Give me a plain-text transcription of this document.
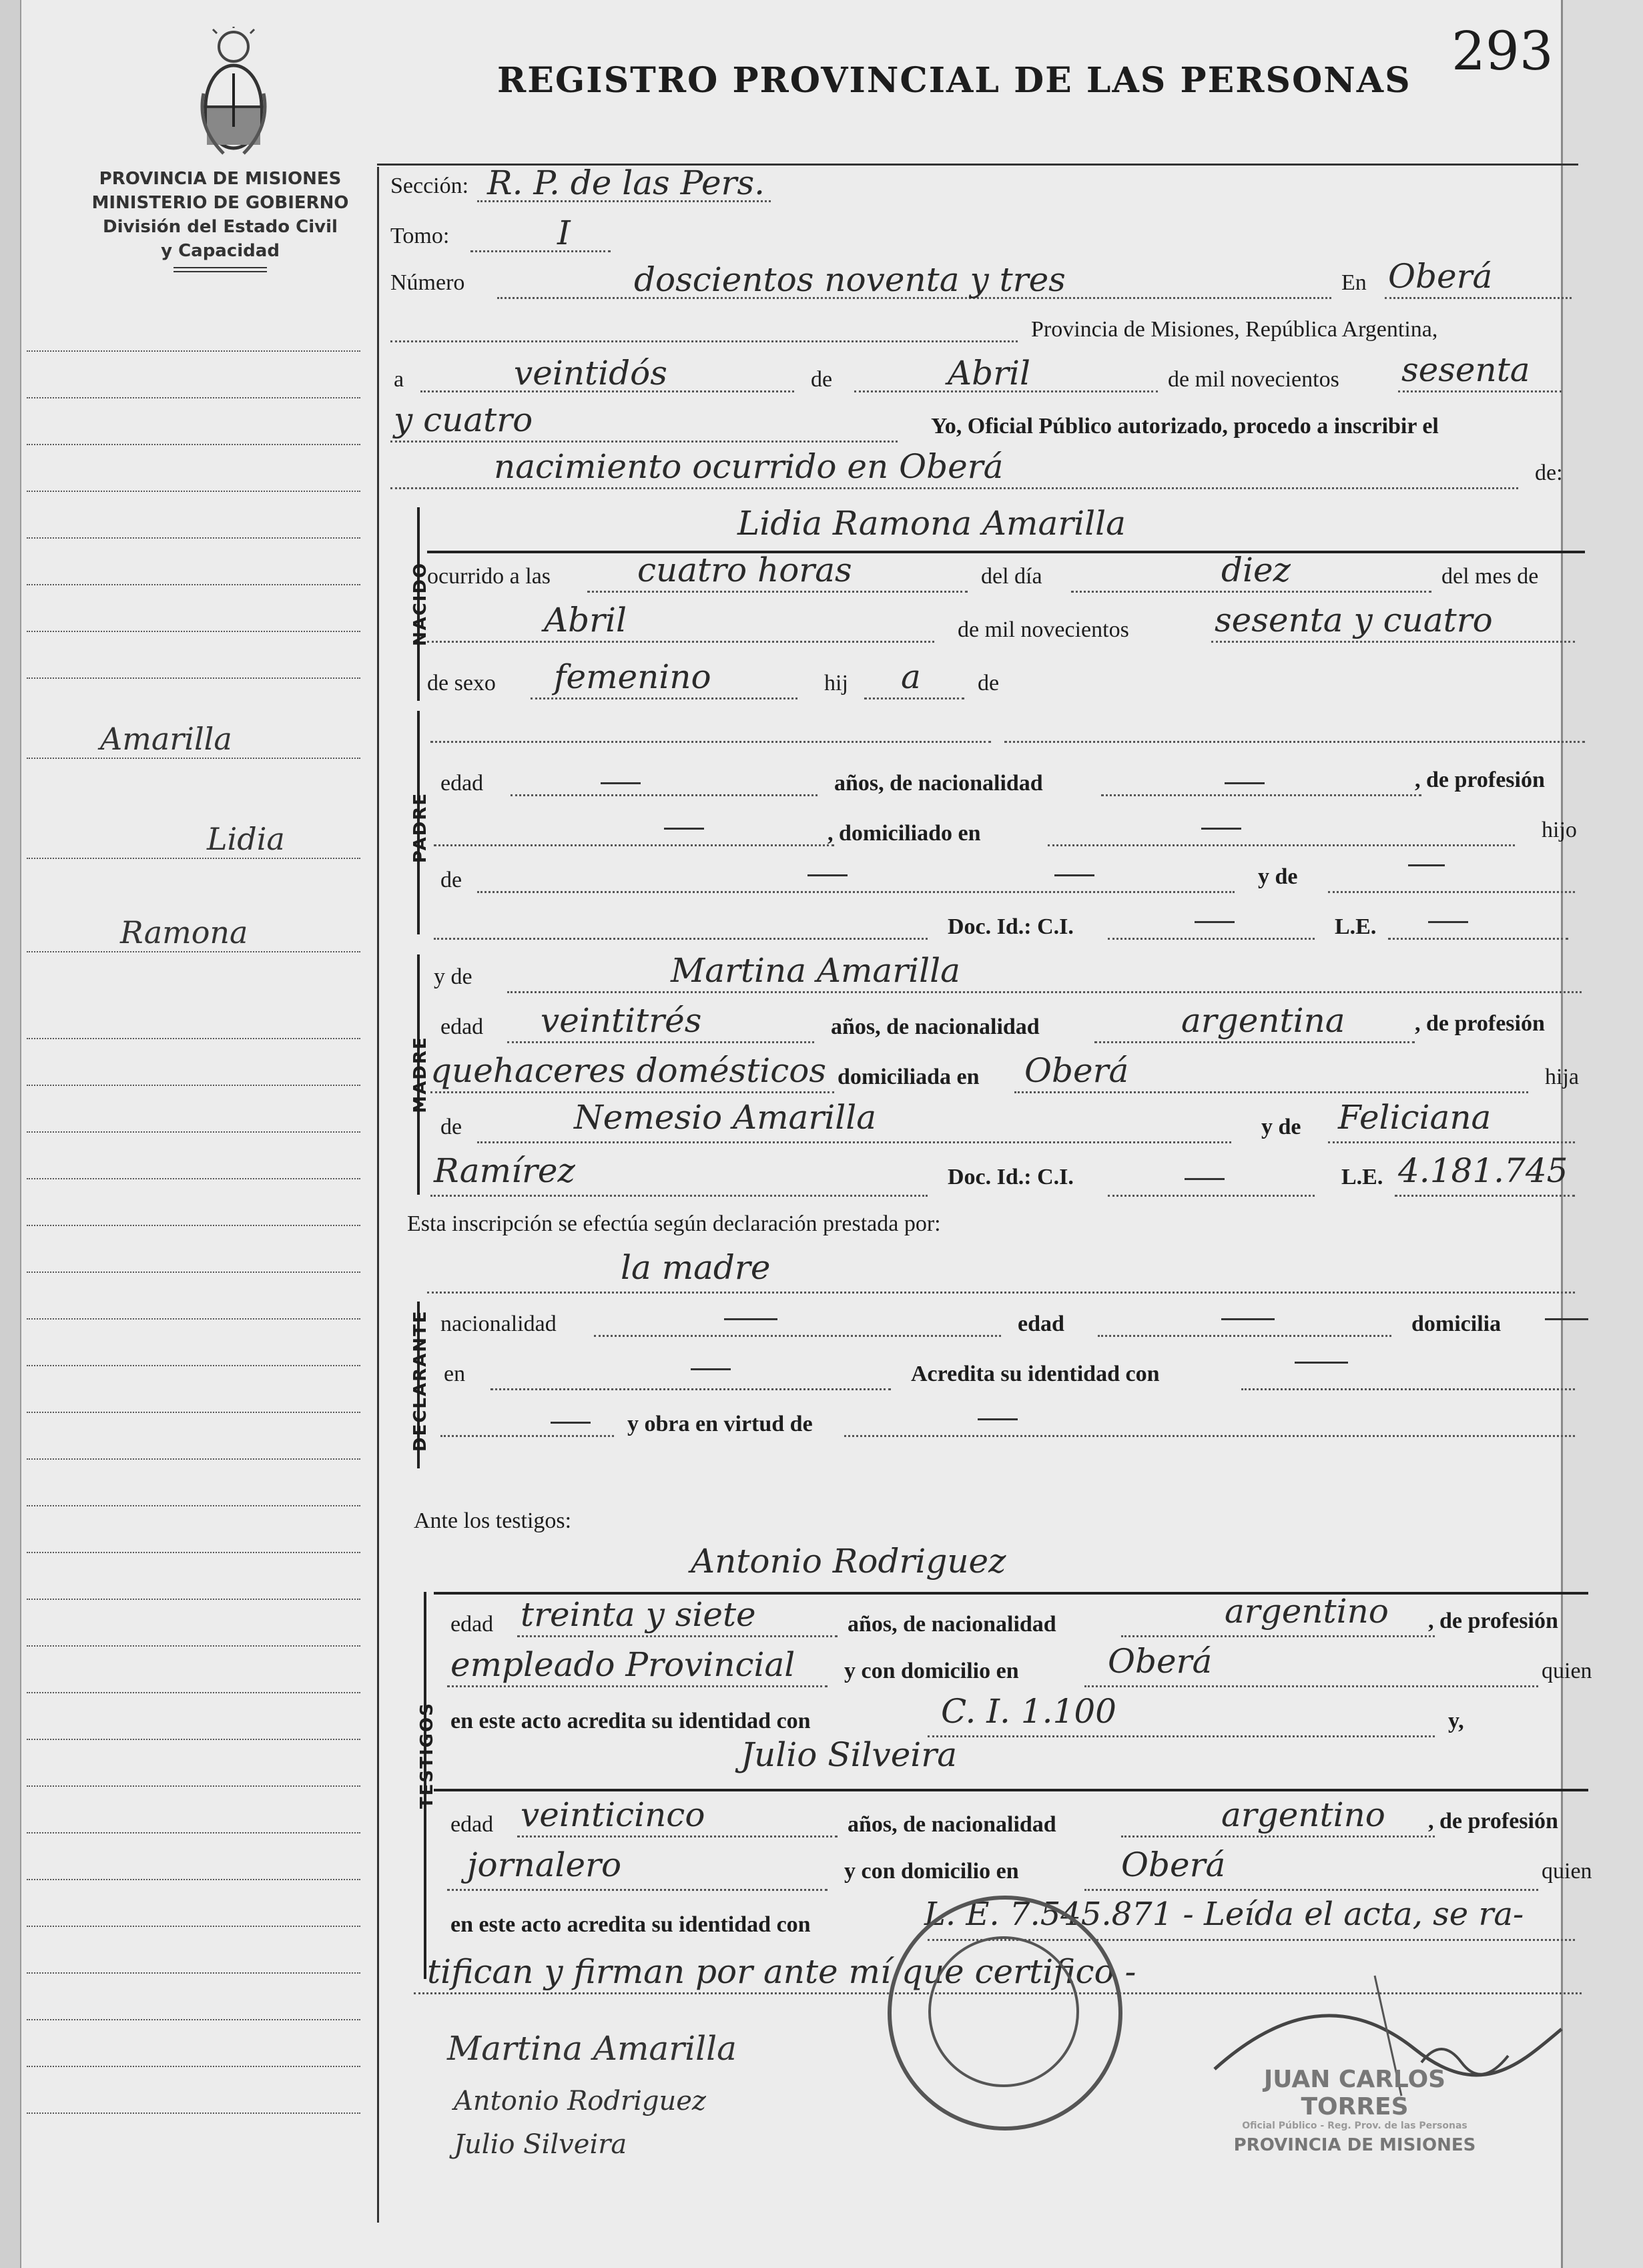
REGISTRO PROVINCIAL DE LAS PERSONAS 293
PROVINCIA DE MISIONES
MINISTERIO DE GOBIERNO
División del Estado Civil
y Capacidad
Amarilla
Lidia
Ramona
Sección: R. P. de las Pers.
Tomo:	I
Número	doscientos noventa y tres	En Oberá
Provincia de Misiones, República Argentina,
a	veintidós	de	Abril	de mil novecientos sesenta
y cuatro	Yo, Oficial Público autorizado, procedo a inscribir el
nacimiento ocurrido en Oberá	de:
NACIDO
Lidia Ramona Amarilla
ocurrido a las	cuatro horas	del día	diez	del mes de
Abril	de mil novecientos	sesenta y cuatro
de sexo femenino	hij a	de
PADRE
edad	años, de nacionalidad	, de profesión
, domiciliado en	hijo
de	y de
Doc. Id.: C.I.	L.E.
MADRE
y de	Martina Amarilla
edad veintitrés	años, de nacionalidad	argentina	, de profesión
quehaceres domésticos domiciliada en Oberá	hija
de	Nemesio Amarilla	y de Feliciana
Ramírez	Doc. Id.: C.I.	L.E. 4.181.745
Esta inscripción se efectúa según declaración prestada por:
la madre
DECLARANTE nacionalidad	edad	domicilia
en	Acredita su identidad con
y obra en virtud de
Ante los testigos:
Antonio Rodriguez
TESTIGOS
edad treinta y siete	años, de nacionalidad	argentino , de profesión
empleado Provincial y con domicilio en	Oberá	quien
en este acto acredita su identidad con	C. I. 1.100	y,
Julio Silveira
edad veinticinco	años, de nacionalidad	argentino , de profesión
jornalero	y con domicilio en	Oberá	quien
en este acto acredita su identidad con	L. E. 7.545.871 - Leída el acta, se ra-
tifican y firman por ante mí que certifico -
Martina Amarilla
Antonio Rodriguez
Julio Silveira
JUAN CARLOS TORRES
Oficial Público - Reg. Prov. de las Personas
PROVINCIA DE MISIONES
